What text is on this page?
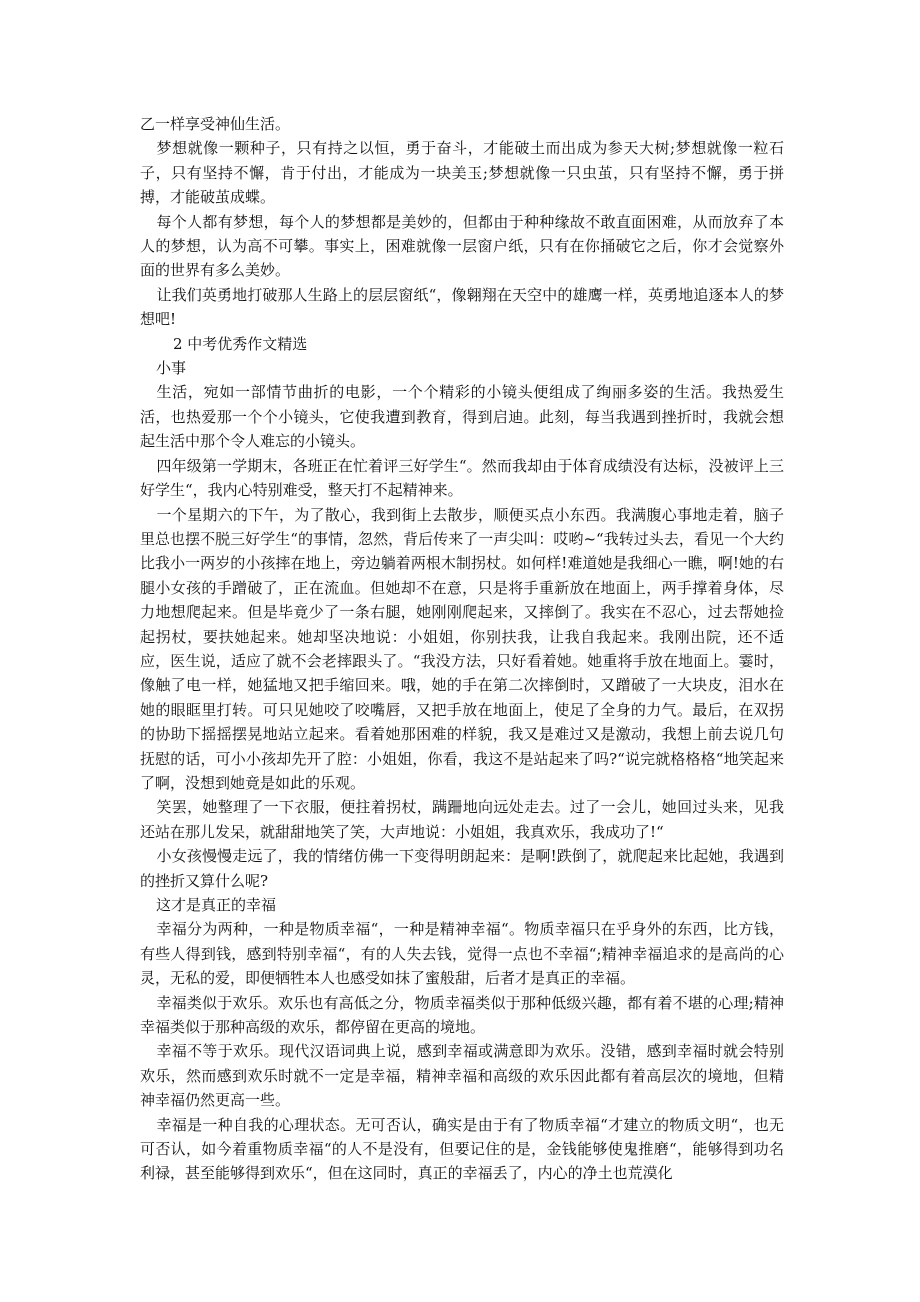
乙一样享受神仙生活。

梦想就像一颗种子，只有持之以恒，勇于奋斗，才能破土而出成为参天大树;梦想就像一粒石子，只有坚持不懈，肯于付出，才能成为一块美玉;梦想就像一只虫茧，只有坚持不懈，勇于拼搏，才能破茧成蝶。

每个人都有梦想，每个人的梦想都是美妙的，但都由于种种缘故不敢直面困难，从而放弃了本人的梦想，认为高不可攀。事实上，困难就像一层窗户纸，只有在你捅破它之后，你才会觉察外面的世界有多么美妙。

让我们英勇地打破那人生路上的层层窗纸“，像翱翔在天空中的雄鹰一样，英勇地追逐本人的梦想吧!

2 中考优秀作文精选

小事

生活，宛如一部情节曲折的电影，一个个精彩的小镜头便组成了绚丽多姿的生活。我热爱生活，也热爱那一个个小镜头，它使我遭到教育，得到启迪。此刻，每当我遇到挫折时，我就会想起生活中那个令人难忘的小镜头。

四年级第一学期末，各班正在忙着评三好学生“。然而我却由于体育成绩没有达标，没被评上三好学生“，我内心特别难受，整天打不起精神来。

一个星期六的下午，为了散心，我到街上去散步，顺便买点小东西。我满腹心事地走着，脑子里总也摆不脱三好学生“的事情，忽然，背后传来了一声尖叫：哎哟~“我转过头去，看见一个大约比我小一两岁的小孩摔在地上，旁边躺着两根木制拐杖。如何样!难道她是我细心一瞧，啊!她的右腿小女孩的手蹭破了，正在流血。但她却不在意，只是将手重新放在地面上，两手撑着身体，尽力地想爬起来。但是毕竟少了一条右腿，她刚刚爬起来，又摔倒了。我实在不忍心，过去帮她捡起拐杖，要扶她起来。她却坚决地说：小姐姐，你别扶我，让我自我起来。我刚出院，还不适应，医生说，适应了就不会老摔跟头了。“我没方法，只好看着她。她重将手放在地面上。霎时，像触了电一样，她猛地又把手缩回来。哦，她的手在第二次摔倒时，又蹭破了一大块皮，泪水在她的眼眶里打转。可只见她咬了咬嘴唇，又把手放在地面上，使足了全身的力气。最后，在双拐的协助下摇摇摆晃地站立起来。看着她那困难的样貌，我又是难过又是激动，我想上前去说几句抚慰的话，可小小孩却先开了腔：小姐姐，你看，我这不是站起来了吗?“说完就格格格“地笑起来了啊，没想到她竟是如此的乐观。

笑罢，她整理了一下衣服，便拄着拐杖，蹒跚地向远处走去。过了一会儿，她回过头来，见我还站在那儿发呆，就甜甜地笑了笑，大声地说：小姐姐，我真欢乐，我成功了!“

小女孩慢慢走远了，我的情绪仿佛一下变得明朗起来：是啊!跌倒了，就爬起来比起她，我遇到的挫折又算什么呢?

这才是真正的幸福

幸福分为两种，一种是物质幸福“，一种是精神幸福“。物质幸福只在乎身外的东西，比方钱，有些人得到钱，感到特别幸福“，有的人失去钱，觉得一点也不幸福“;精神幸福追求的是高尚的心灵，无私的爱，即便牺牲本人也感受如抹了蜜般甜，后者才是真正的幸福。

幸福类似于欢乐。欢乐也有高低之分，物质幸福类似于那种低级兴趣，都有着不堪的心理;精神幸福类似于那种高级的欢乐，都停留在更高的境地。

幸福不等于欢乐。现代汉语词典上说，感到幸福或满意即为欢乐。没错，感到幸福时就会特别欢乐，然而感到欢乐时就不一定是幸福，精神幸福和高级的欢乐因此都有着高层次的境地，但精神幸福仍然更高一些。

幸福是一种自我的心理状态。无可否认，确实是由于有了物质幸福“才建立的物质文明“，也无可否认，如今着重物质幸福“的人不是没有，但要记住的是，金钱能够使鬼推磨“，能够得到功名利禄，甚至能够得到欢乐“，但在这同时，真正的幸福丢了，内心的净土也荒漠化
